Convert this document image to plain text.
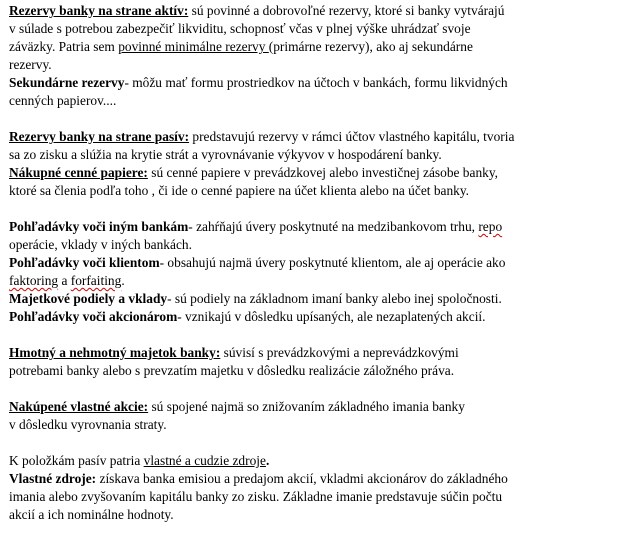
Rezervy banky na strane aktív: sú povinné a dobrovoľné rezervy, ktoré si banky vytvárajú
v súlade s potrebou zabezpečiť likviditu, schopnosť včas v plnej výške uhrádzať svoje
záväzky. Patria sem povinné minimálne rezervy (primárne rezervy), ako aj sekundárne
rezervy.
Sekundárne rezervy- môžu mať formu prostriedkov na účtoch v bankách, formu likvidných
cenných papierov....
Rezervy banky na strane pasív: predstavujú rezervy v rámci účtov vlastného kapitálu, tvoria
sa zo zisku a slúžia na krytie strát a vyrovnávanie výkyvov v hospodárení banky.
Nákupné cenné papiere: sú cenné papiere v prevádzkovej alebo investičnej zásobe banky,
ktoré sa členia podľa toho , či ide o cenné papiere na účet klienta alebo na účet banky.
Pohľadávky voči iným bankám- zahŕňajú úvery poskytnuté na medzibankovom trhu, repo
operácie, vklady v iných bankách.
Pohľadávky voči klientom- obsahujú najmä úvery poskytnuté klientom, ale aj operácie ako
faktoring a forfaiting.
Majetkové podiely a vklady- sú podiely na základnom imaní banky alebo inej spoločnosti.
Pohľadávky voči akcionárom- vznikajú v dôsledku upísaných, ale nezaplatených akcií.
Hmotný a nehmotný majetok banky: súvisí s prevádzkovými a neprevádzkovými
potrebami banky alebo s prevzatím majetku v dôsledku realizácie záložného práva.
Nakúpené vlastné akcie: sú spojené najmä so znižovaním základného imania banky
v dôsledku vyrovnania straty.
K položkám pasív patria vlastné a cudzie zdroje.
Vlastné zdroje: získava banka emisiou a predajom akcií, vkladmi akcionárov do základného
imania alebo zvyšovaním kapitálu banky zo zisku. Základne imanie predstavuje súčin počtu
akcií a ich nominálne hodnoty.
